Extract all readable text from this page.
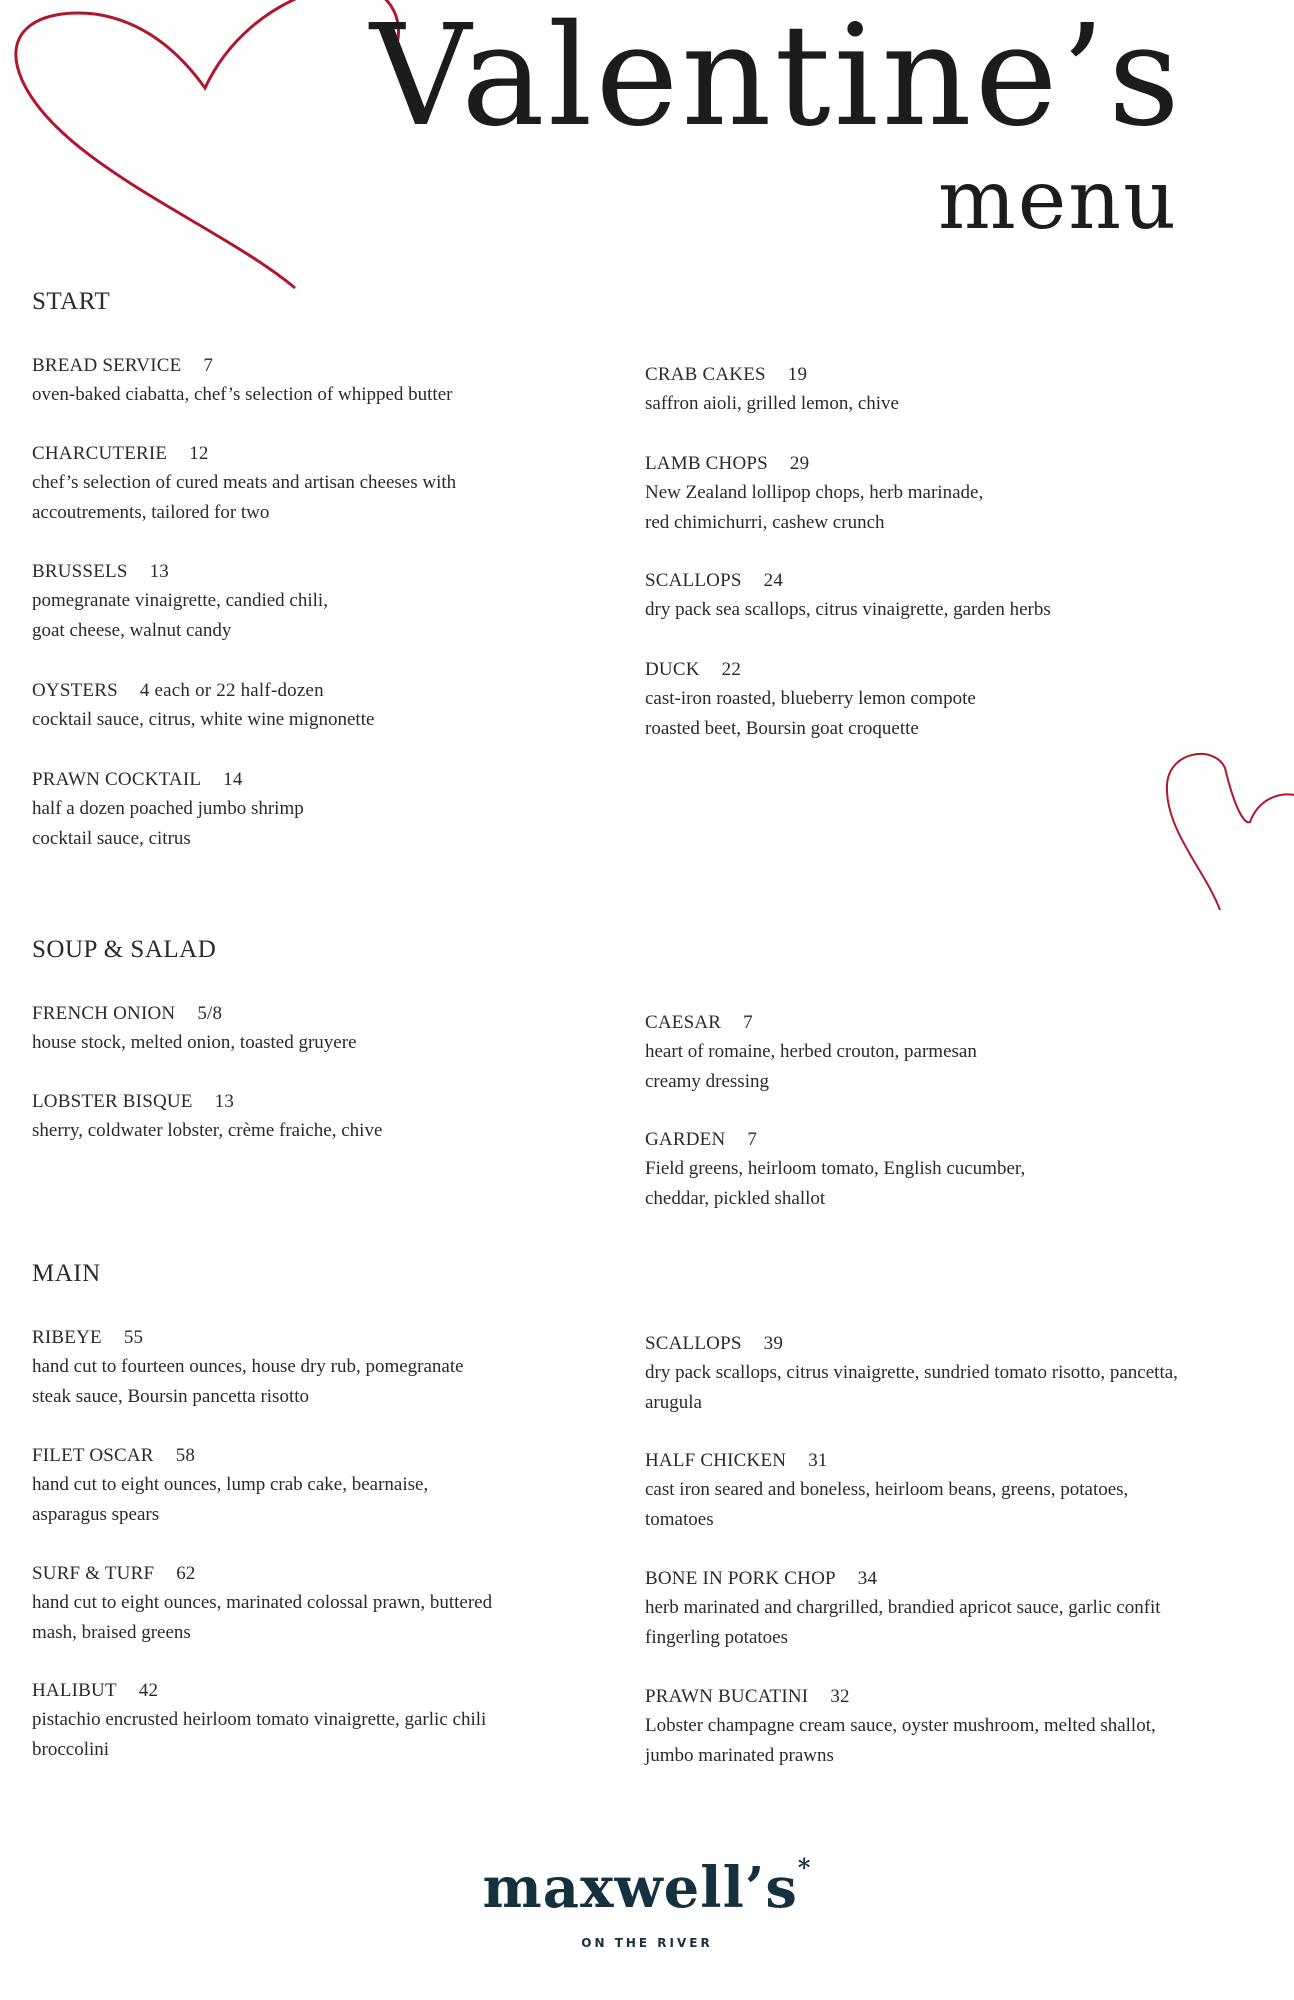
Valentine’s
menu
START
BREAD SERVICE 7

oven-baked ciabatta, chef’s selection of whipped butter

CHARCUTERIE 12

chef’s selection of cured meats and artisan cheeses with
accoutrements, tailored for two

BRUSSELS 13

pomegranate vinaigrette, candied chili,
goat cheese, walnut candy

OYSTERS 4 each or 22 half-dozen

cocktail sauce, citrus, white wine mignonette

PRAWN COCKTAIL 14

half a dozen poached jumbo shrimp
cocktail sauce, citrus

CRAB CAKES 19

saffron aioli, grilled lemon, chive

LAMB CHOPS 29

New Zealand lollipop chops, herb marinade,
red chimichurri, cashew crunch

SCALLOPS 24

dry pack sea scallops, citrus vinaigrette, garden herbs

DUCK 22

cast-iron roasted, blueberry lemon compote
roasted beet, Boursin goat croquette

SOUP & SALAD
FRENCH ONION 5/8

house stock, melted onion, toasted gruyere

LOBSTER BISQUE 13

sherry, coldwater lobster, crème fraiche, chive

CAESAR 7

heart of romaine, herbed crouton, parmesan
creamy dressing

GARDEN 7

Field greens, heirloom tomato, English cucumber,
cheddar, pickled shallot

MAIN
RIBEYE 55

hand cut to fourteen ounces, house dry rub, pomegranate
steak sauce, Boursin pancetta risotto

FILET OSCAR 58

hand cut to eight ounces, lump crab cake, bearnaise,
asparagus spears

SURF & TURF 62

hand cut to eight ounces, marinated colossal prawn, buttered
mash, braised greens

HALIBUT 42

pistachio encrusted heirloom tomato vinaigrette, garlic chili
broccolini

SCALLOPS 39

dry pack scallops, citrus vinaigrette, sundried tomato risotto, pancetta,
arugula

HALF CHICKEN 31

cast iron seared and boneless, heirloom beans, greens, potatoes,
tomatoes

BONE IN PORK CHOP 34

herb marinated and chargrilled, brandied apricot sauce, garlic confit
fingerling potatoes

PRAWN BUCATINI 32

Lobster champagne cream sauce, oyster mushroom, melted shallot,
jumbo marinated prawns

maxwell’s*
ON THE RIVER
